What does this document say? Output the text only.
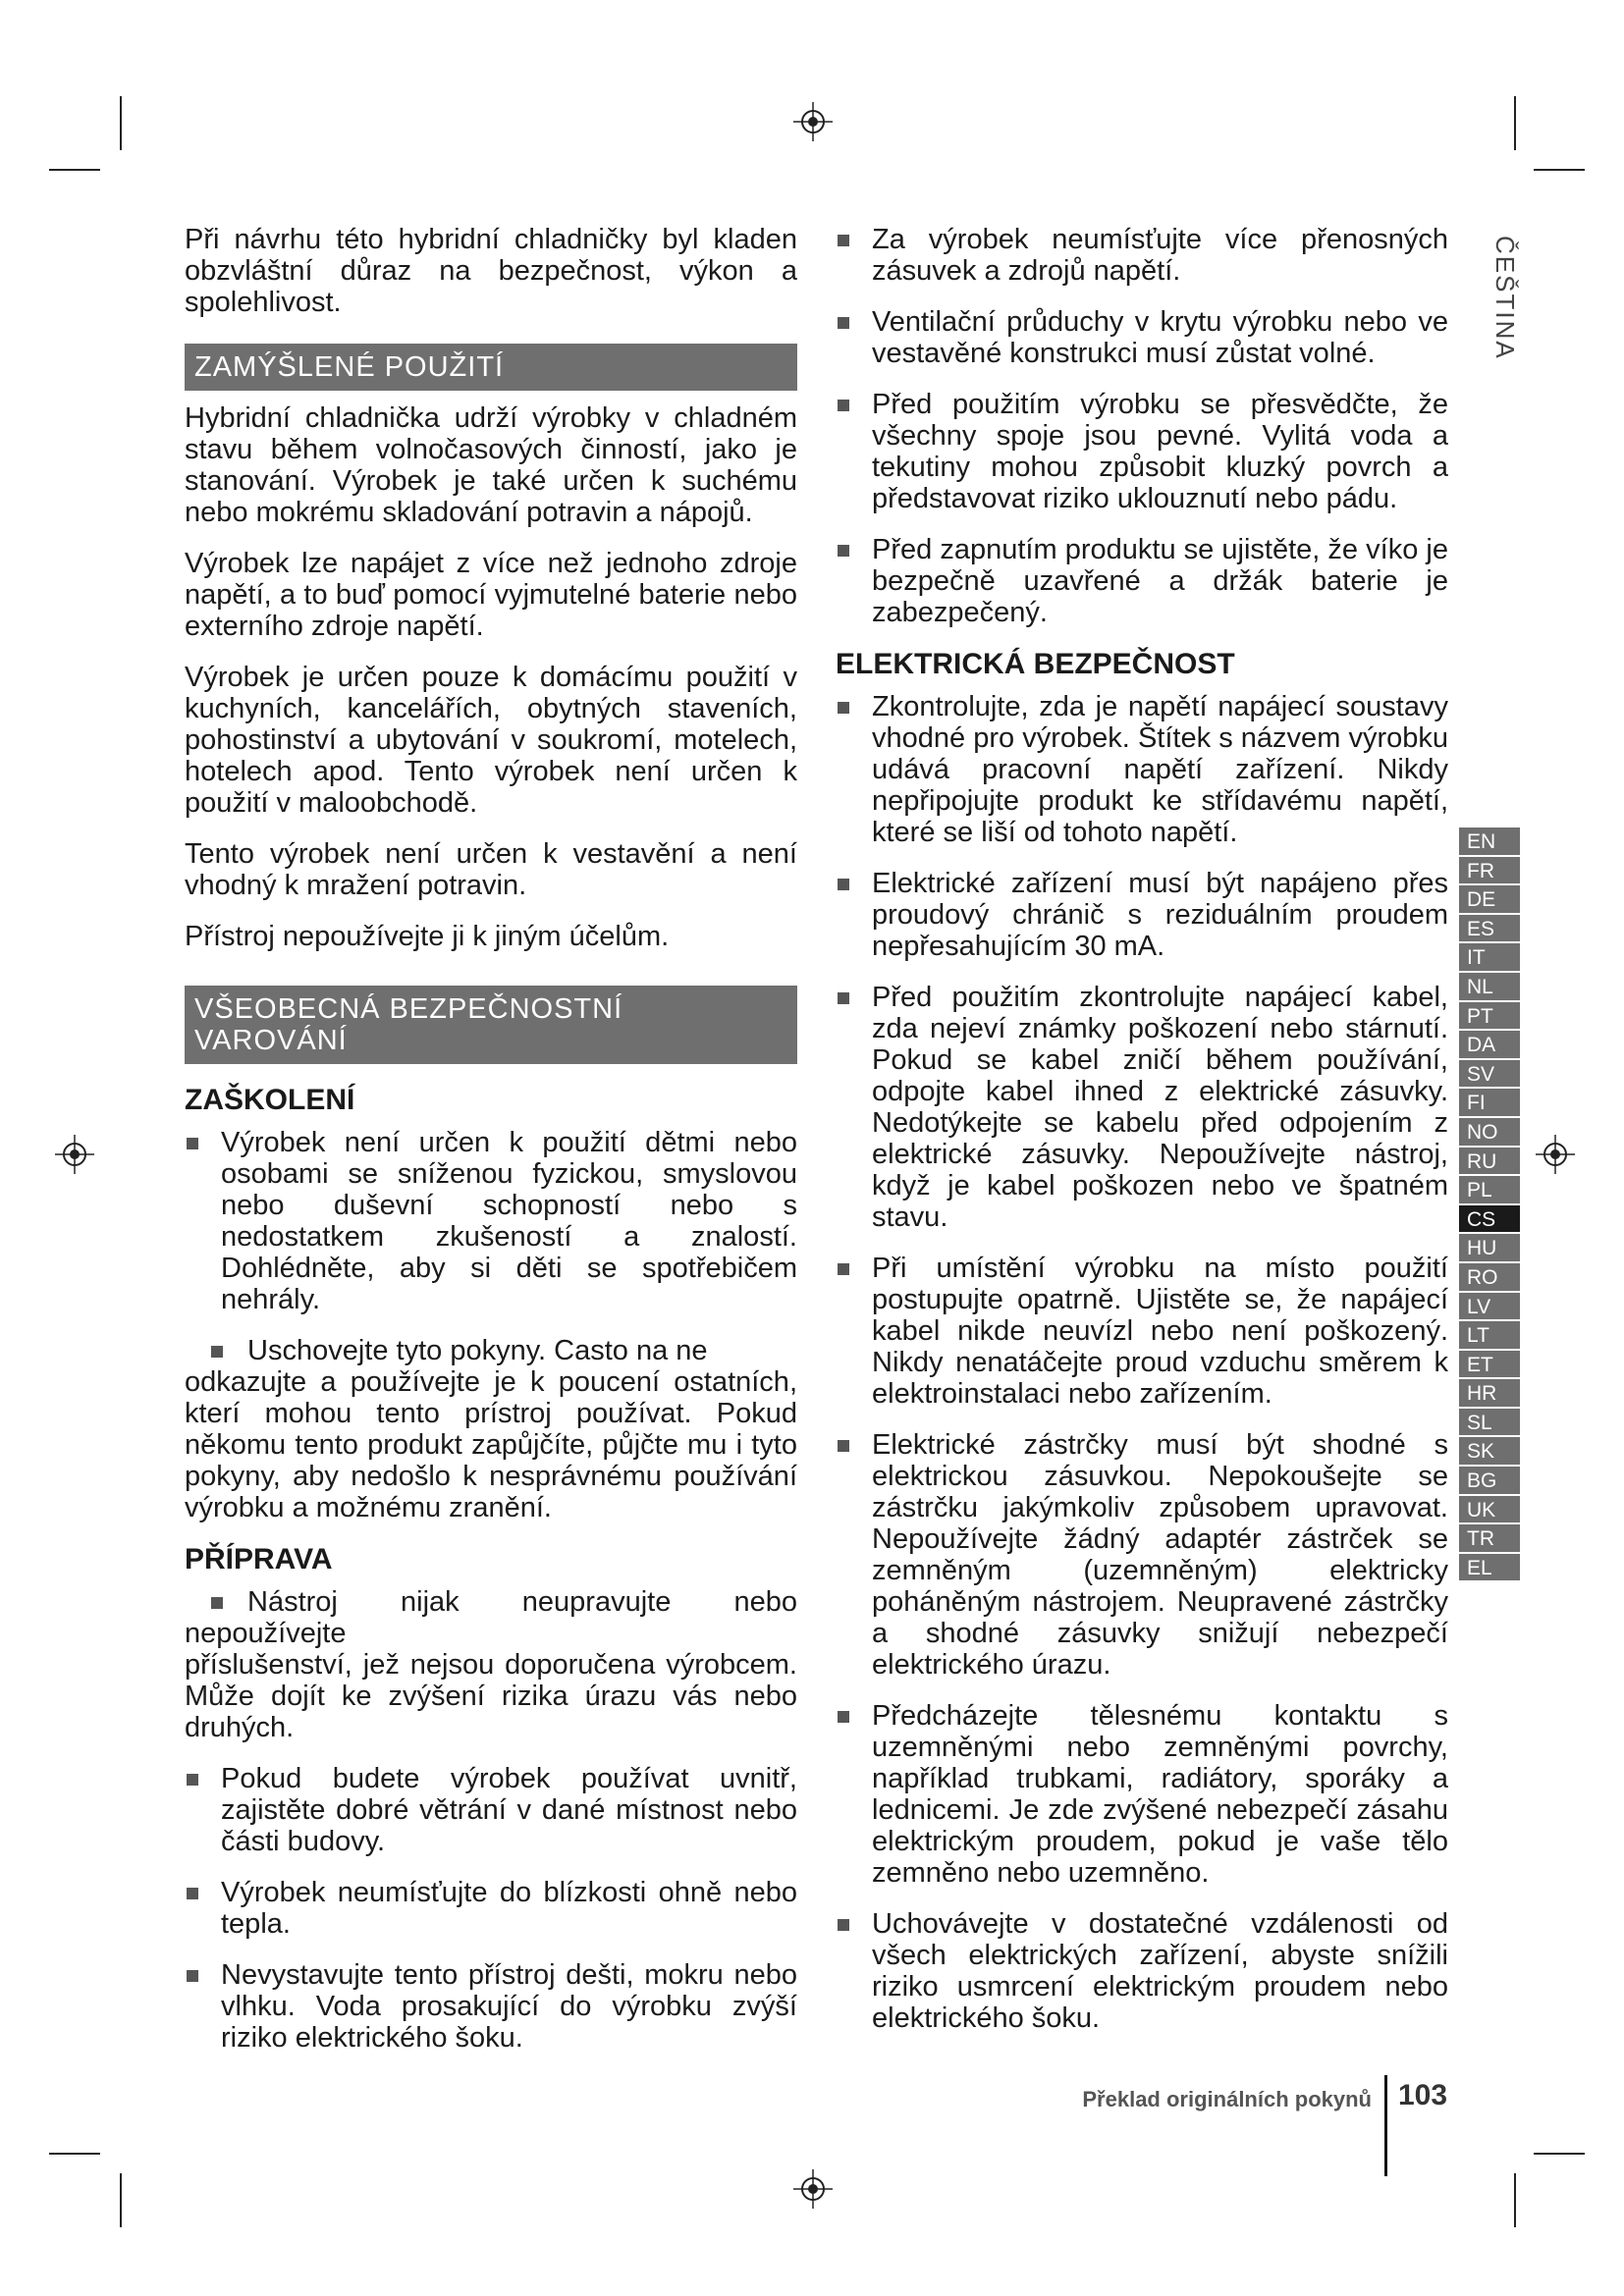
Při návrhu této hybridní chladničky byl kladen obzvláštní důraz na bezpečnost, výkon a spolehlivost.

ZAMÝŠLENÉ POUŽITÍ

Hybridní chladnička udrží výrobky v chladném stavu během volnočasových činností, jako je stanování. Výrobek je také určen k suchému nebo mokrému skladování potravin a nápojů.

Výrobek lze napájet z více než jednoho zdroje napětí, a to buď pomocí vyjmutelné baterie nebo externího zdroje napětí.

Výrobek je určen pouze k domácímu použití v kuchyních, kancelářích, obytných staveních, pohostinství a ubytování v soukromí, motelech, hotelech apod. Tento výrobek není určen k použití v maloobchodě.

Tento výrobek není určen k vestavění a není vhodný k mražení potravin.

Přístroj nepoužívejte ji k jiným účelům.

VŠEOBECNÁ BEZPEČNOSTNÍ
VAROVÁNÍ
ZAŠKOLENÍ
Výrobek není určen k použití dětmi nebo osobami se sníženou fyzickou, smyslovou nebo duševní schopností nebo s nedostatkem zkušeností a znalostí. Dohlédněte, aby si děti se spotřebičem nehrály.
Uschovejte tyto pokyny. Casto na ne
odkazujte a používejte je k poucení ostatních, kterí mohou tento prístroj používat. Pokud někomu tento produkt zapůjčíte, půjčte mu i tyto pokyny, aby nedošlo k nesprávnému používání výrobku a možnému zranění.
PŘÍPRAVA
Nástroj nijak neupravujte nebo nepoužívejte
příslušenství, jež nejsou doporučena výrobcem. Může dojít ke zvýšení rizika úrazu vás nebo druhých.
Pokud budete výrobek používat uvnitř, zajistěte dobré větrání v dané místnost nebo části budovy.
Výrobek neumísťujte do blízkosti ohně nebo tepla.
Nevystavujte tento přístroj dešti, mokru nebo vlhku. Voda prosakující do výrobku zvýší riziko elektrického šoku.
Za výrobek neumísťujte více přenosných zásuvek a zdrojů napětí.
Ventilační průduchy v krytu výrobku nebo ve vestavěné konstrukci musí zůstat volné.
Před použitím výrobku se přesvědčte, že všechny spoje jsou pevné. Vylitá voda a tekutiny mohou způsobit kluzký povrch a představovat riziko uklouznutí nebo pádu.
Před zapnutím produktu se ujistěte, že víko je bezpečně uzavřené a držák baterie je zabezpečený.
ELEKTRICKÁ BEZPEČNOST
Zkontrolujte, zda je napětí napájecí soustavy vhodné pro výrobek. Štítek s názvem výrobku udává pracovní napětí zařízení. Nikdy nepřipojujte produkt ke střídavému napětí, které se liší od tohoto napětí.
Elektrické zařízení musí být napájeno přes proudový chránič s reziduálním proudem nepřesahujícím 30 mA.
Před použitím zkontrolujte napájecí kabel, zda nejeví známky poškození nebo stárnutí. Pokud se kabel zničí během používání, odpojte kabel ihned z elektrické zásuvky. Nedotýkejte se kabelu před odpojením z elektrické zásuvky. Nepoužívejte nástroj, když je kabel poškozen nebo ve špatném stavu.
Při umístění výrobku na místo použití postupujte opatrně. Ujistěte se, že napájecí kabel nikde neuvízl nebo není poškozený. Nikdy nenatáčejte proud vzduchu směrem k elektroinstalaci nebo zařízením.
Elektrické zástrčky musí být shodné s elektrickou zásuvkou. Nepokoušejte se zástrčku jakýmkoliv způsobem upravovat. Nepoužívejte žádný adaptér zástrček se zemněným (uzemněným) elektricky poháněným nástrojem. Neupravené zástrčky a shodné zásuvky snižují nebezpečí elektrického úrazu.
Předcházejte tělesnému kontaktu s uzemněnými nebo zemněnými povrchy, například trubkami, radiátory, sporáky a lednicemi. Je zde zvýšené nebezpečí zásahu elektrickým proudem, pokud je vaše tělo zemněno nebo uzemněno.
Uchovávejte v dostatečné vzdálenosti od všech elektrických zařízení, abyste snížili riziko usmrcení elektrickým proudem nebo elektrického šoku.
ČEŠTINA
EN
FR
DE
ES
IT
NL
PT
DA
SV
FI
NO
RU
PL
CS
HU
RO
LV
LT
ET
HR
SL
SK
BG
UK
TR
EL
Překlad originálních pokynů 103
